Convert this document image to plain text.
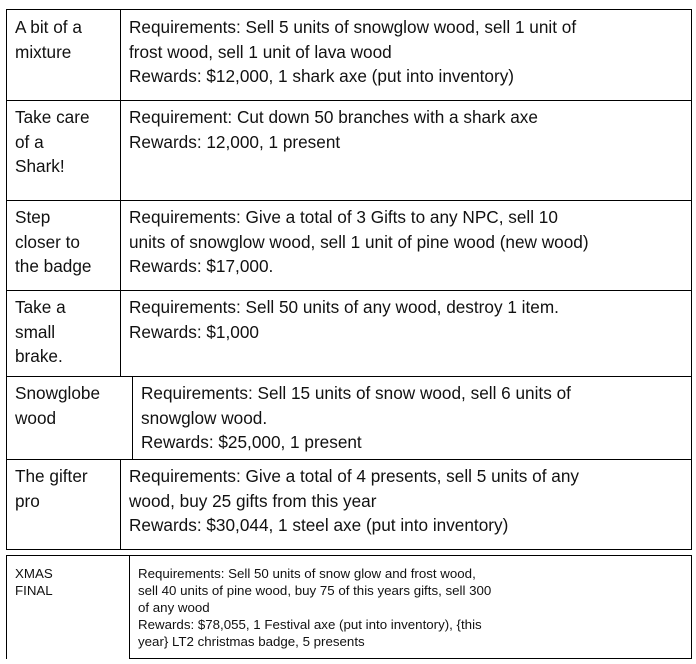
A bit of a
mixture
Requirements: Sell 5 units of snowglow wood, sell 1 unit of
frost wood, sell 1 unit of lava wood
Rewards: $12,000, 1 shark axe (put into inventory)
Take care
of a
Shark!
Requirement: Cut down 50 branches with a shark axe
Rewards: 12,000, 1 present
Step
closer to
the badge
Requirements: Give a total of 3 Gifts to any NPC, sell 10
units of snowglow wood, sell 1 unit of pine wood (new wood)
Rewards: $17,000.
Take a
small
brake.
Requirements: Sell 50 units of any wood, destroy 1 item.
Rewards: $1,000
Snowglobe
wood
Requirements: Sell 15 units of snow wood, sell 6 units of
snowglow wood.
Rewards: $25,000, 1 present
The gifter
pro
Requirements: Give a total of 4 presents, sell 5 units of any
wood, buy 25 gifts from this year
Rewards: $30,044, 1 steel axe (put into inventory)
XMAS
FINAL
Requirements: Sell 50 units of snow glow and frost wood,
sell 40 units of pine wood, buy 75 of this years gifts, sell 300
of any wood
Rewards: $78,055, 1 Festival axe (put into inventory), {this
year} LT2 christmas badge, 5 presents
